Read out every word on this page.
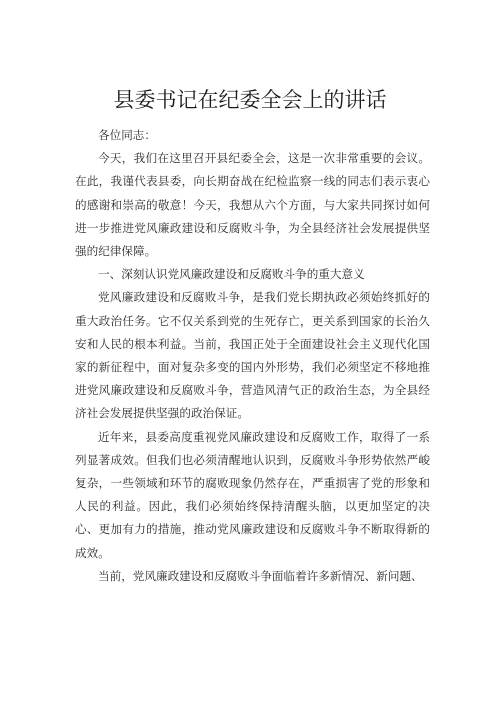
县委书记在纪委全会上的讲话

各位同志：

今天，我们在这里召开县纪委全会，这是一次非常重要的会议。在此，我谨代表县委，向长期奋战在纪检监察一线的同志们表示衷心的感谢和崇高的敬意！今天，我想从六个方面，与大家共同探讨如何进一步推进党风廉政建设和反腐败斗争，为全县经济社会发展提供坚强的纪律保障。

一、深刻认识党风廉政建设和反腐败斗争的重大意义

党风廉政建设和反腐败斗争，是我们党长期执政必须始终抓好的重大政治任务。它不仅关系到党的生死存亡，更关系到国家的长治久安和人民的根本利益。当前，我国正处于全面建设社会主义现代化国家的新征程中，面对复杂多变的国内外形势，我们必须坚定不移地推进党风廉政建设和反腐败斗争，营造风清气正的政治生态，为全县经济社会发展提供坚强的政治保证。

近年来，县委高度重视党风廉政建设和反腐败工作，取得了一系列显著成效。但我们也必须清醒地认识到，反腐败斗争形势依然严峻复杂，一些领域和环节的腐败现象仍然存在，严重损害了党的形象和人民的利益。因此，我们必须始终保持清醒头脑，以更加坚定的决心、更加有力的措施，推动党风廉政建设和反腐败斗争不断取得新的成效。

当前，党风廉政建设和反腐败斗争面临着许多新情况、新问题、
